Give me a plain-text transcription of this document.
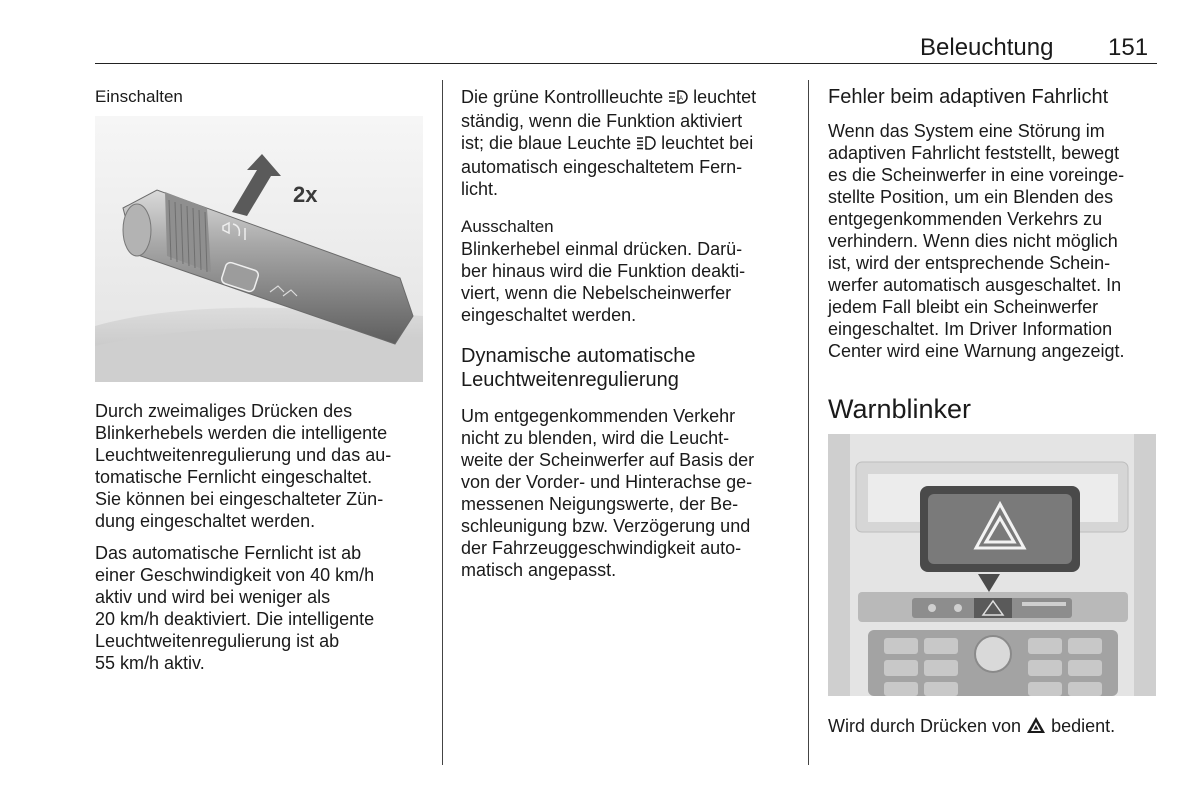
Beleuchtung 151
Einschalten
2x

Durch zweimaliges Drücken des

Blinkerhebels werden die intelligente

Leuchtweitenregulierung und das au-

tomatische Fernlicht eingeschaltet.

Sie können bei eingeschalteter Zün-

dung eingeschaltet werden.

Das automatische Fernlicht ist ab

einer Geschwindigkeit von 40 km/h

aktiv und wird bei weniger als

20 km/h deaktiviert. Die intelligente

Leuchtweitenregulierung ist ab

55 km/h aktiv.

Die grüne Kontrollleuchte A leuchtet

ständig, wenn die Funktion aktiviert

ist; die blaue Leuchte  leuchtet bei

automatisch eingeschaltetem Fern-

licht.

Ausschalten

Blinkerhebel einmal drücken. Darü-

ber hinaus wird die Funktion deakti-

viert, wenn die Nebelscheinwerfer

eingeschaltet werden.

Dynamische automatische

Leuchtweitenregulierung

Um entgegenkommenden Verkehr

nicht zu blenden, wird die Leucht-

weite der Scheinwerfer auf Basis der

von der Vorder- und Hinterachse ge-

messenen Neigungswerte, der Be-

schleunigung bzw. Verzögerung und

der Fahrzeuggeschwindigkeit auto-

matisch angepasst.

Fehler beim adaptiven Fahrlicht

Wenn das System eine Störung im

adaptiven Fahrlicht feststellt, bewegt

es die Scheinwerfer in eine voreinge-

stellte Position, um ein Blenden des

entgegenkommenden Verkehrs zu

verhindern. Wenn dies nicht möglich

ist, wird der entsprechende Schein-

werfer automatisch ausgeschaltet. In

jedem Fall bleibt ein Scheinwerfer

eingeschaltet. Im Driver Information

Center wird eine Warnung angezeigt.

Warnblinker
Wird durch Drücken von  bedient.
